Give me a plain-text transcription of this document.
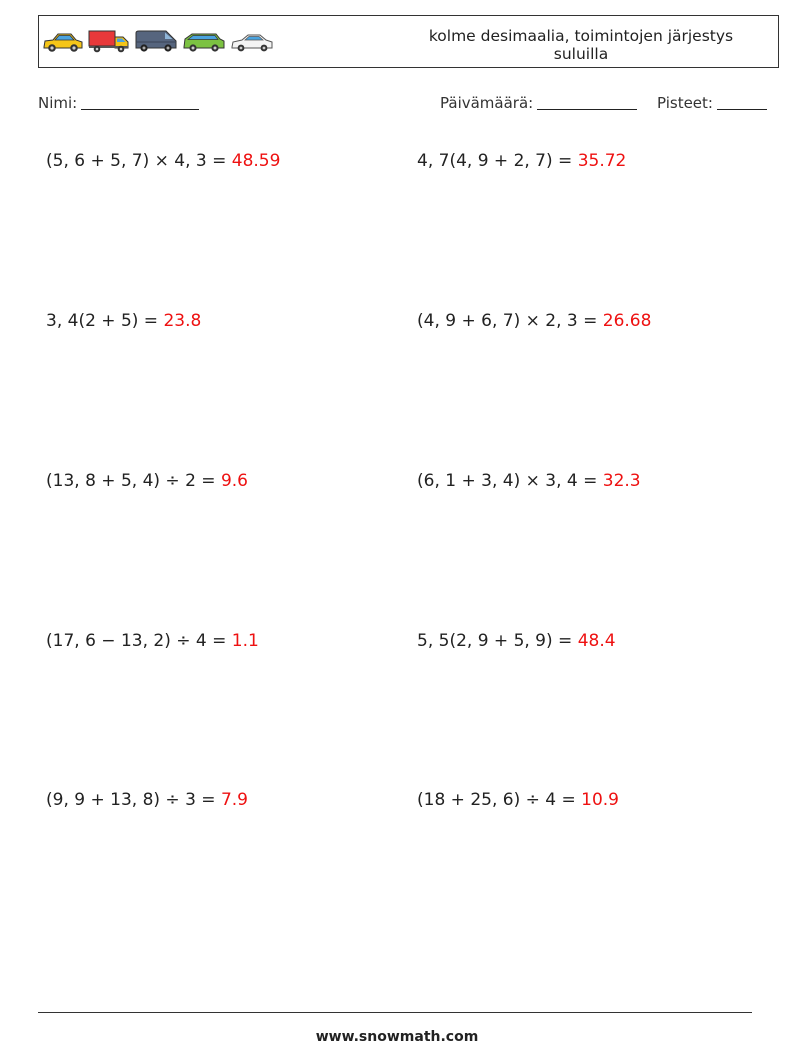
kolme desimaalia, toimintojen järjestys suluilla
Nimi:	Päivämäärä:	Pisteet:
(5, 6 + 5, 7) × 4, 3 = 48.59	4, 7(4, 9 + 2, 7) = 35.72
3, 4(2 + 5) = 23.8	(4, 9 + 6, 7) × 2, 3 = 26.68
(13, 8 + 5, 4) ÷ 2 = 9.6	(6, 1 + 3, 4) × 3, 4 = 32.3
(17, 6 − 13, 2) ÷ 4 = 1.1	5, 5(2, 9 + 5, 9) = 48.4
(9, 9 + 13, 8) ÷ 3 = 7.9	(18 + 25, 6) ÷ 4 = 10.9
www.snowmath.com
